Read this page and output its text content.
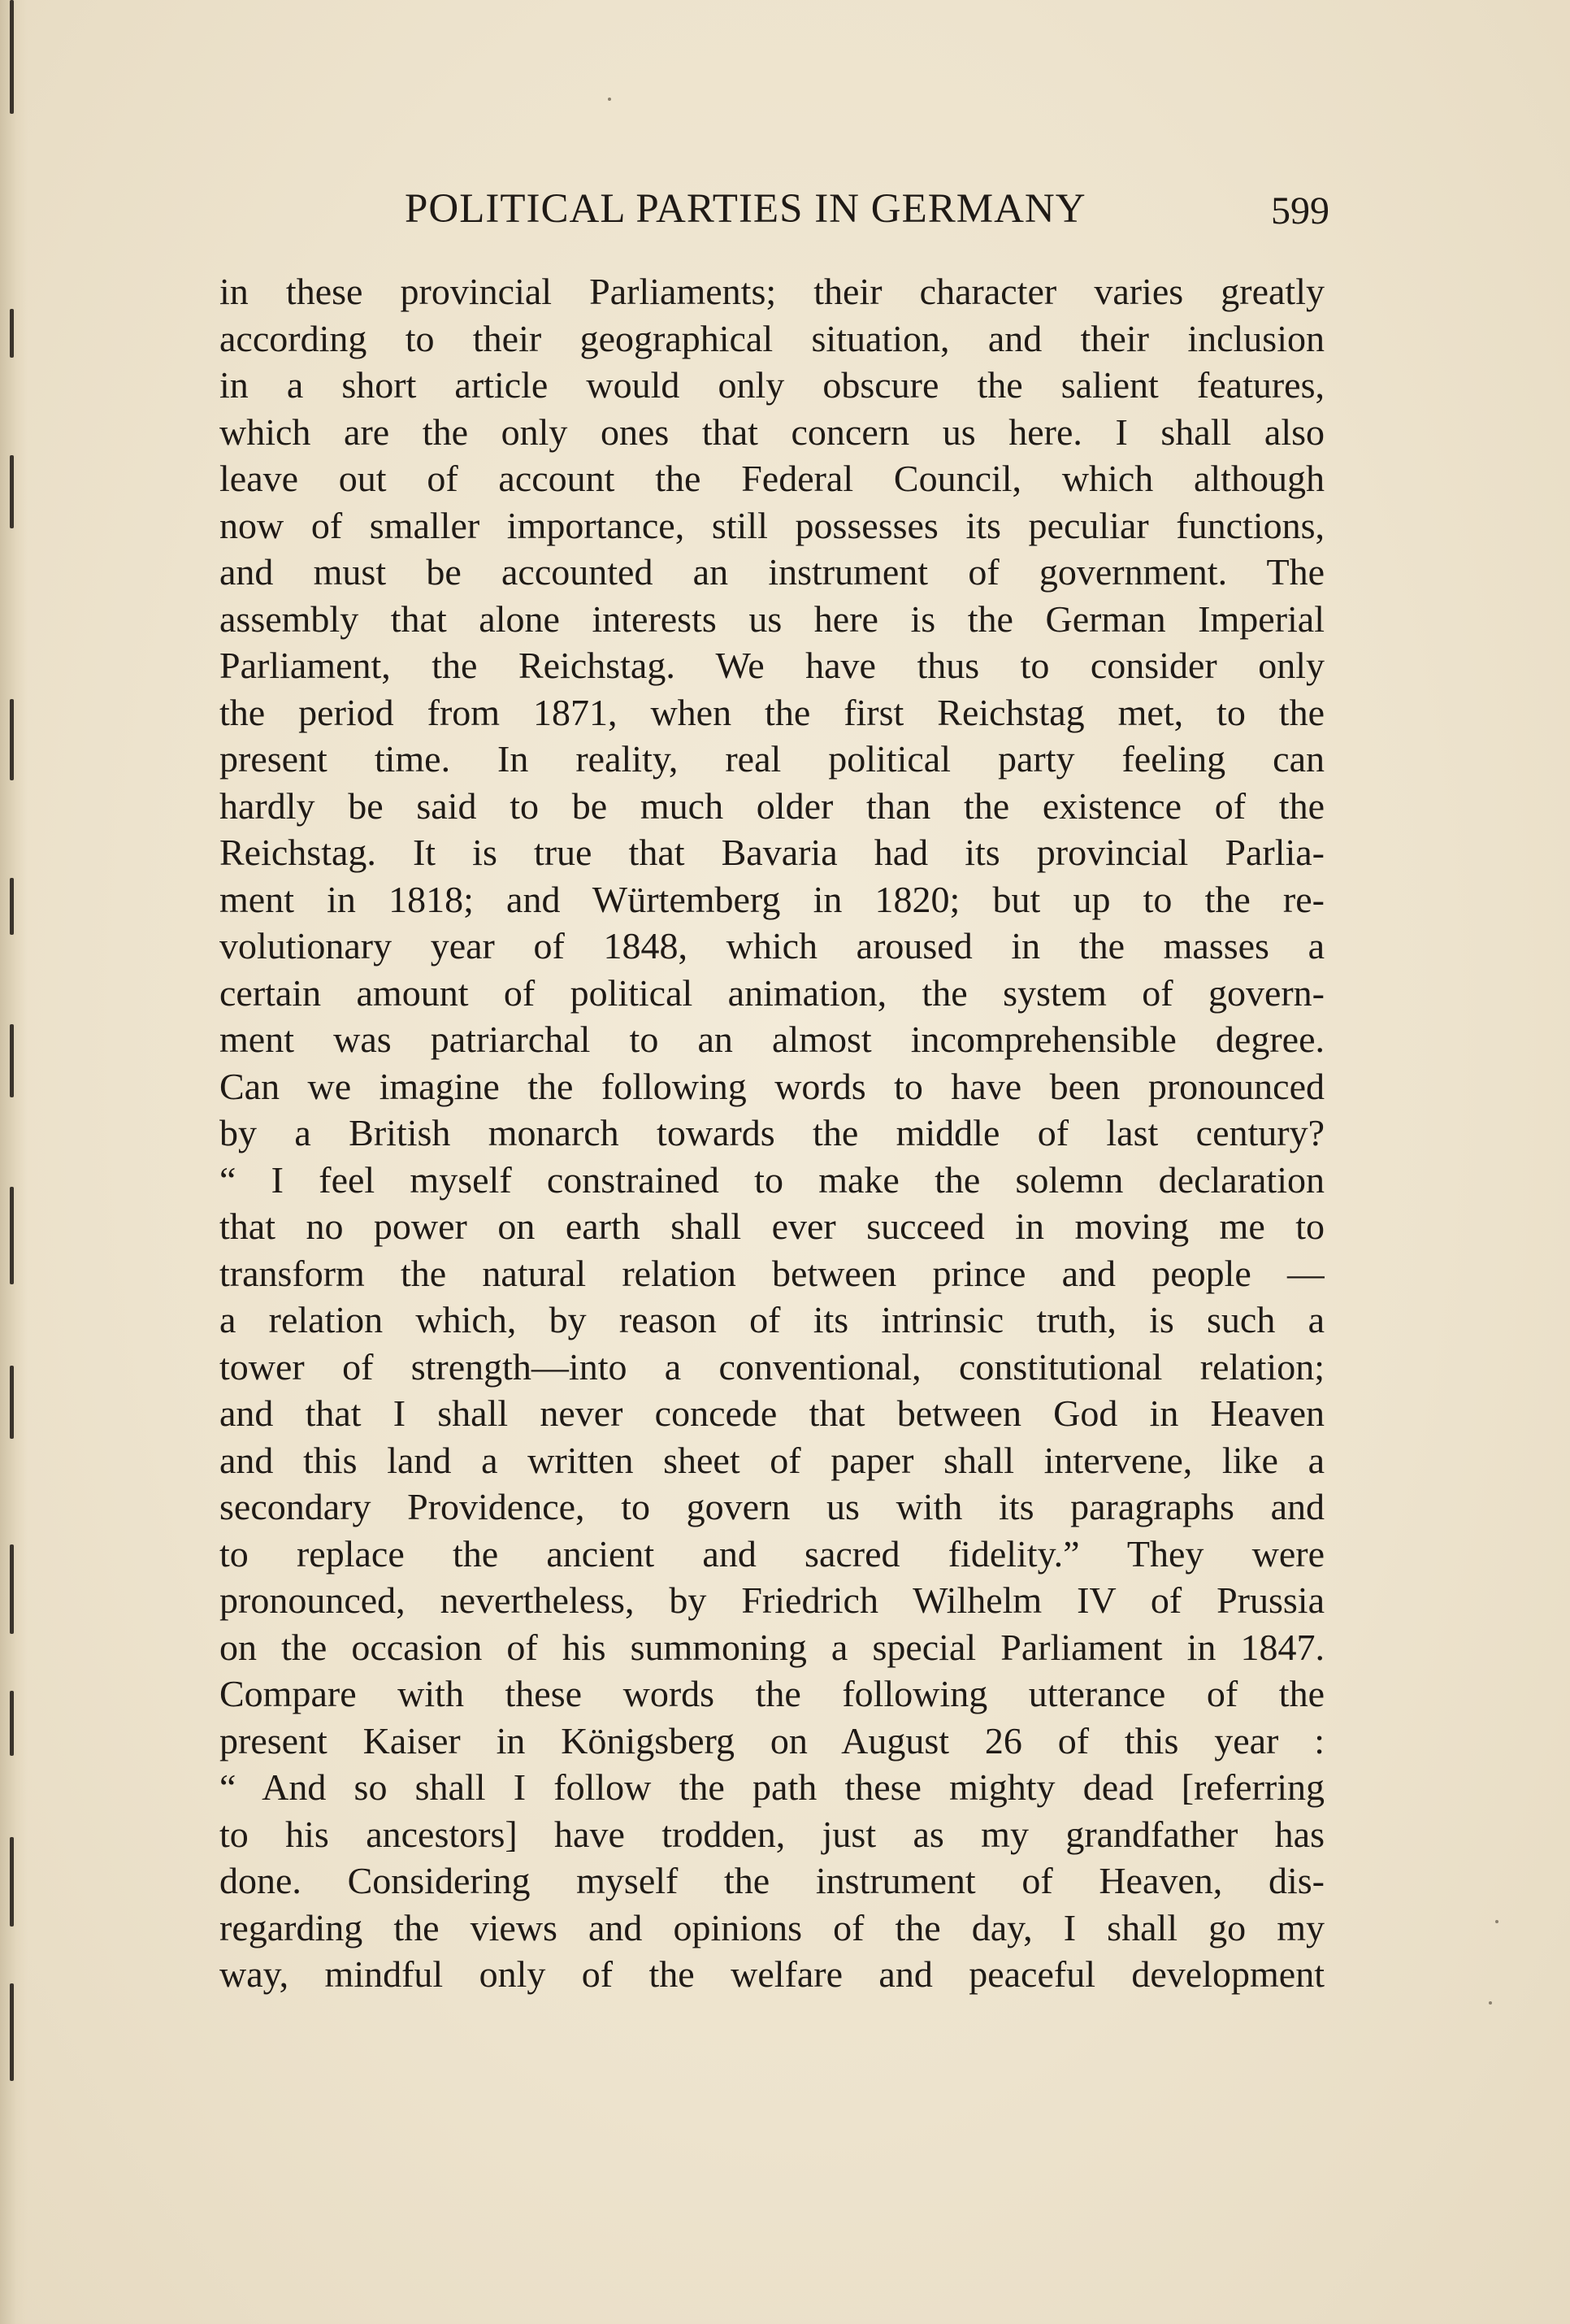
POLITICAL PARTIES IN GERMANY	599
in these provincial Parliaments; their character varies greatly
according to their geographical situation, and their inclusion
in a short article would only obscure the salient features,
which are the only ones that concern us here. I shall also
leave out of account the Federal Council, which although
now of smaller importance, still possesses its peculiar functions,
and must be accounted an instrument of government. The
assembly that alone interests us here is the German Imperial
Parliament, the Reichstag. We have thus to consider only
the period from 1871, when the first Reichstag met, to the
present time. In reality, real political party feeling can
hardly be said to be much older than the existence of the
Reichstag. It is true that Bavaria had its provincial Parlia-
ment in 1818; and Würtemberg in 1820; but up to the re-
volutionary year of 1848, which aroused in the masses a
certain amount of political animation, the system of govern-
ment was patriarchal to an almost incomprehensible degree.
Can we imagine the following words to have been pronounced
by a British monarch towards the middle of last century?
“ I feel myself constrained to make the solemn declaration
that no power on earth shall ever succeed in moving me to
transform the natural relation between prince and people —
a relation which, by reason of its intrinsic truth, is such a
tower of strength—into a conventional, constitutional relation;
and that I shall never concede that between God in Heaven
and this land a written sheet of paper shall intervene, like a
secondary Providence, to govern us with its paragraphs and
to replace the ancient and sacred fidelity.” They were
pronounced, nevertheless, by Friedrich Wilhelm IV of Prussia
on the occasion of his summoning a special Parliament in 1847.
Compare with these words the following utterance of the
present Kaiser in Königsberg on August 26 of this year :
“ And so shall I follow the path these mighty dead [referring
to his ancestors] have trodden, just as my grandfather has
done. Considering myself the instrument of Heaven, dis-
regarding the views and opinions of the day, I shall go my
way, mindful only of the welfare and peaceful development
